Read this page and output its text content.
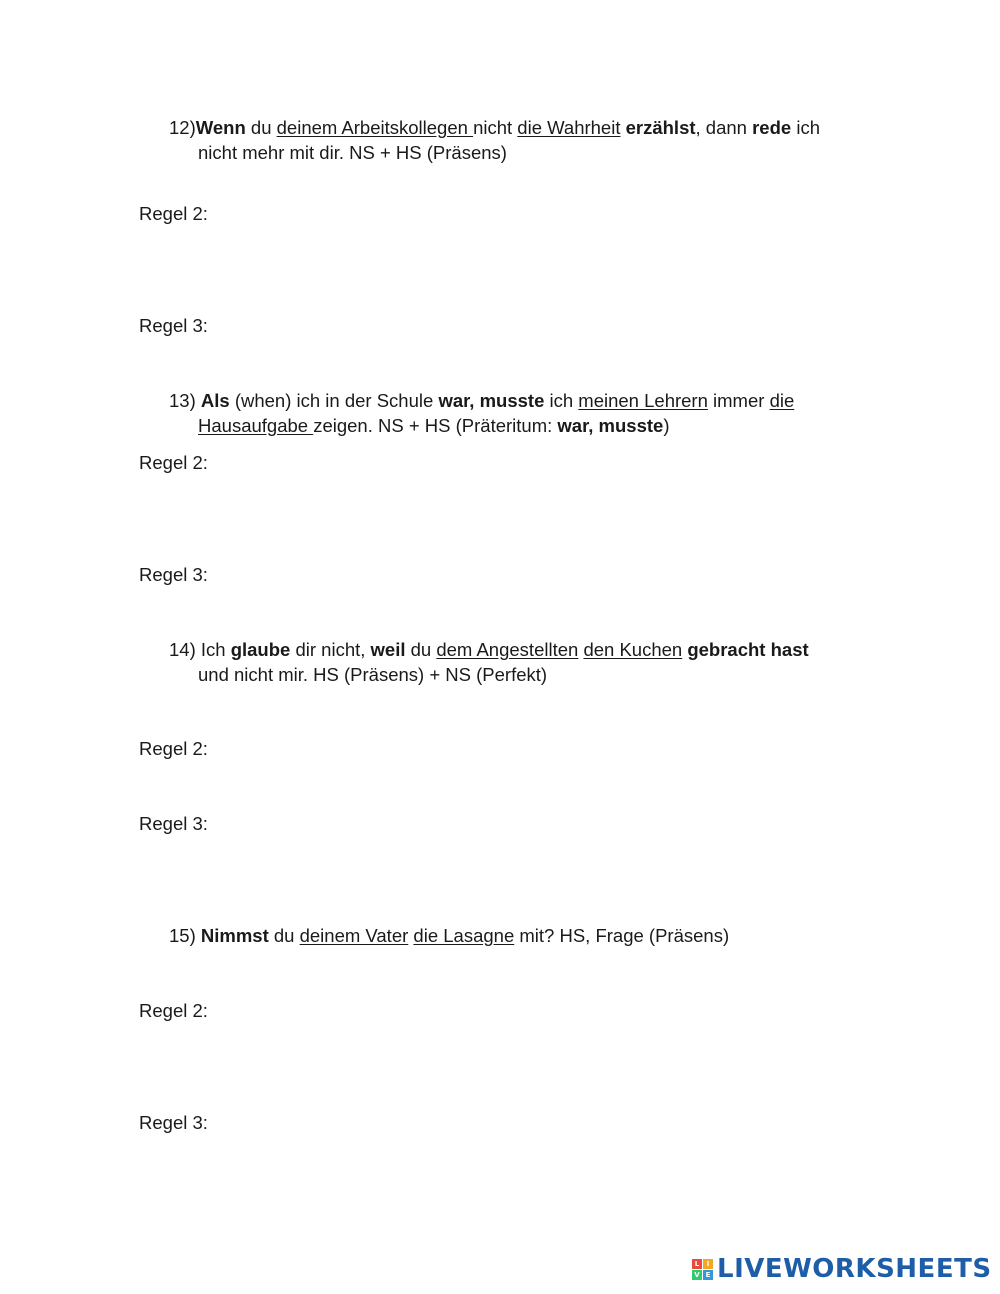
12)Wenn du deinem Arbeitskollegen nicht die Wahrheit erzählst, dann rede ich
nicht mehr mit dir. NS + HS (Präsens)
Regel 2:
Regel 3:
13) Als (when) ich in der Schule war, musste ich meinen Lehrern immer die
Hausaufgabe zeigen. NS + HS (Präteritum: war, musste)
Regel 2:
Regel 3:
14) Ich glaube dir nicht, weil du dem Angestellten den Kuchen gebracht hast
und nicht mir. HS (Präsens) + NS (Perfekt)
Regel 2:
Regel 3:
15) Nimmst du deinem Vater die Lasagne mit? HS, Frage (Präsens)
Regel 2:
Regel 3:
L	I
V E LIVEWORKSHEETS
